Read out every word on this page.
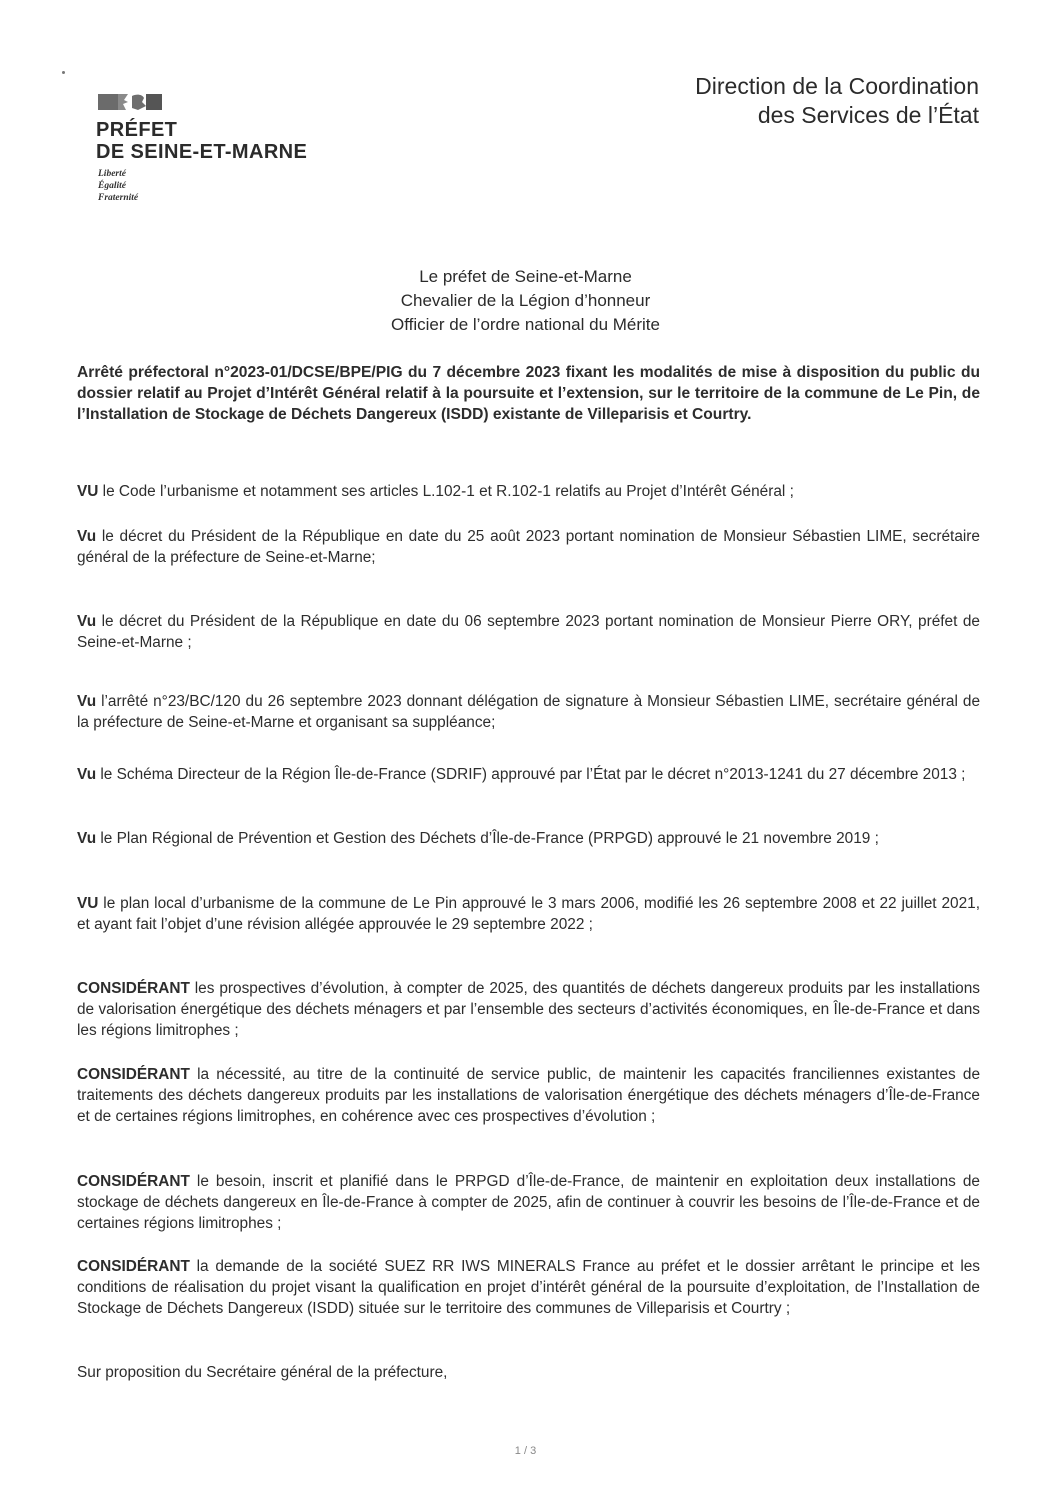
PRÉFET
DE SEINE-ET-MARNE
Liberté
Égalité
Fraternité
Direction de la Coordination
des Services de l’État
Le préfet de Seine-et-Marne
Chevalier de la Légion d’honneur
Officier de l’ordre national du Mérite

Arrêté préfectoral n°2023-01/DCSE/BPE/PIG du 7 décembre 2023 fixant les modalités de mise à disposition du public du dossier relatif au Projet d’Intérêt Général relatif à la poursuite et l’extension, sur le territoire de la commune de Le Pin, de l’Installation de Stockage de Déchets Dangereux (ISDD) existante de Villeparisis et Courtry.

VU le Code l’urbanisme et notamment ses articles L.102-1 et R.102-1 relatifs au Projet d’Intérêt Général ;

Vu le décret du Président de la République en date du 25 août 2023 portant nomination de Monsieur Sébastien LIME, secrétaire général de la préfecture de Seine-et-Marne;

Vu le décret du Président de la République en date du 06 septembre 2023 portant nomination de Monsieur Pierre ORY, préfet de Seine-et-Marne ;

Vu l’arrêté n°23/BC/120 du 26 septembre 2023 donnant délégation de signature à Monsieur Sébastien LIME, secrétaire général de la préfecture de Seine-et-Marne et organisant sa suppléance;

Vu le Schéma Directeur de la Région Île-de-France (SDRIF) approuvé par l’État par le décret n°2013-1241 du 27 décembre 2013 ;

Vu le Plan Régional de Prévention et Gestion des Déchets d’Île-de-France (PRPGD) approuvé le 21 novembre 2019 ;

VU le plan local d’urbanisme de la commune de Le Pin approuvé le 3 mars 2006, modifié les 26 septembre 2008 et 22 juillet 2021, et ayant fait l’objet d’une révision allégée approuvée le 29 septembre 2022 ;

CONSIDÉRANT les prospectives d’évolution, à compter de 2025, des quantités de déchets dangereux produits par les installations de valorisation énergétique des déchets ménagers et par l’ensemble des secteurs d’activités économiques, en Île-de-France et dans les régions limitrophes ;

CONSIDÉRANT la nécessité, au titre de la continuité de service public, de maintenir les capacités franciliennes existantes de traitements des déchets dangereux produits par les installations de valorisation énergétique des déchets ménagers d’Île-de-France et de certaines régions limitrophes, en cohérence avec ces prospectives d’évolution ;

CONSIDÉRANT le besoin, inscrit et planifié dans le PRPGD d’Île-de-France, de maintenir en exploitation deux installations de stockage de déchets dangereux en Île-de-France à compter de 2025, afin de continuer à couvrir les besoins de l’Île-de-France et de certaines régions limitrophes ;

CONSIDÉRANT la demande de la société SUEZ RR IWS MINERALS France au préfet et le dossier arrêtant le principe et les conditions de réalisation du projet visant la qualification en projet d’intérêt général de la poursuite d’exploitation, de l’Installation de Stockage de Déchets Dangereux (ISDD) située sur le territoire des communes de Villeparisis et Courtry ;

Sur proposition du Secrétaire général de la préfecture,

1 / 3
